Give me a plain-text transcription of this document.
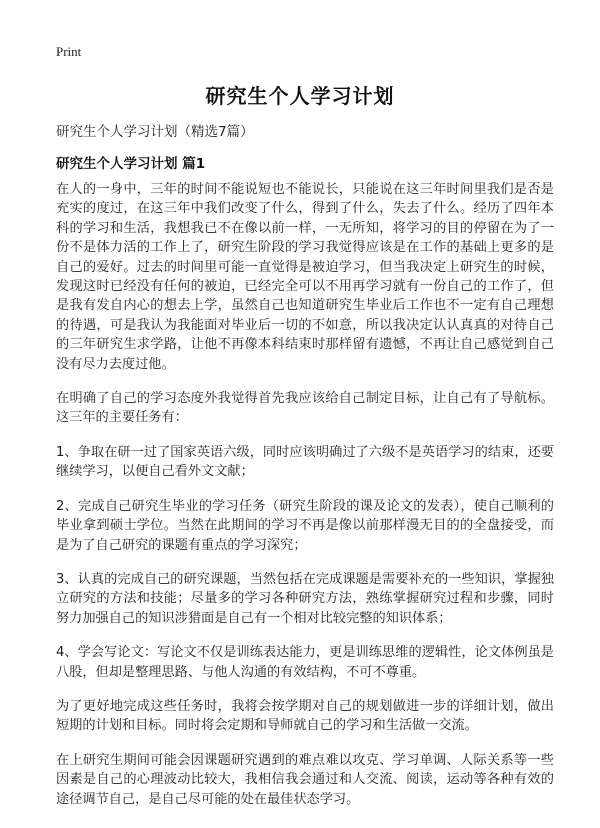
Print
研究生个人学习计划
研究生个人学习计划（精选7篇）
研究生个人学习计划 篇1

在人的一身中，三年的时间不能说短也不能说长，只能说在这三年时间里我们是否是充实的度过，在这三年中我们改变了什么，得到了什么，失去了什么。经历了四年本科的学习和生活，我想我已不在像以前一样，一无所知，将学习的目的停留在为了一份不是体力活的工作上了，研究生阶段的学习我觉得应该是在工作的基础上更多的是自己的爱好。过去的时间里可能一直觉得是被迫学习，但当我决定上研究生的时候，发现这时已经没有任何的被迫，已经完全可以不用再学习就有一份自己的工作了，但是我有发自内心的想去上学，虽然自己也知道研究生毕业后工作也不一定有自己理想的待遇，可是我认为我能面对毕业后一切的不如意，所以我决定认认真真的对待自己的三年研究生求学路，让他不再像本科结束时那样留有遗憾，不再让自己感觉到自己没有尽力去度过他。

在明确了自己的学习态度外我觉得首先我应该给自己制定目标，让自己有了导航标。这三年的主要任务有：

1、争取在研一过了国家英语六级，同时应该明确过了六级不是英语学习的结束，还要继续学习，以便自己看外文文献；

2、完成自己研究生毕业的学习任务（研究生阶段的课及论文的发表），使自己顺利的毕业拿到硕士学位。当然在此期间的学习不再是像以前那样漫无目的的全盘接受，而是为了自己研究的课题有重点的学习深究；

3、认真的完成自己的研究课题，当然包括在完成课题是需要补充的一些知识，掌握独立研究的方法和技能；尽量多的学习各种研究方法，熟练掌握研究过程和步骤，同时努力加强自己的知识涉猎面是自己有一个相对比较完整的知识体系；

4、学会写论文：写论文不仅是训练表达能力，更是训练思维的逻辑性，论文体例虽是八股，但却是整理思路、与他人沟通的有效结构，不可不尊重。

为了更好地完成这些任务时，我将会按学期对自己的规划做进一步的详细计划，做出短期的计划和目标。同时将会定期和导师就自己的学习和生活做一交流。

在上研究生期间可能会因课题研究遇到的难点难以攻克、学习单调、人际关系等一些因素是自己的心理波动比较大，我相信我会通过和人交流、阅读，运动等各种有效的途径调节自己，是自己尽可能的处在最佳状态学习。
